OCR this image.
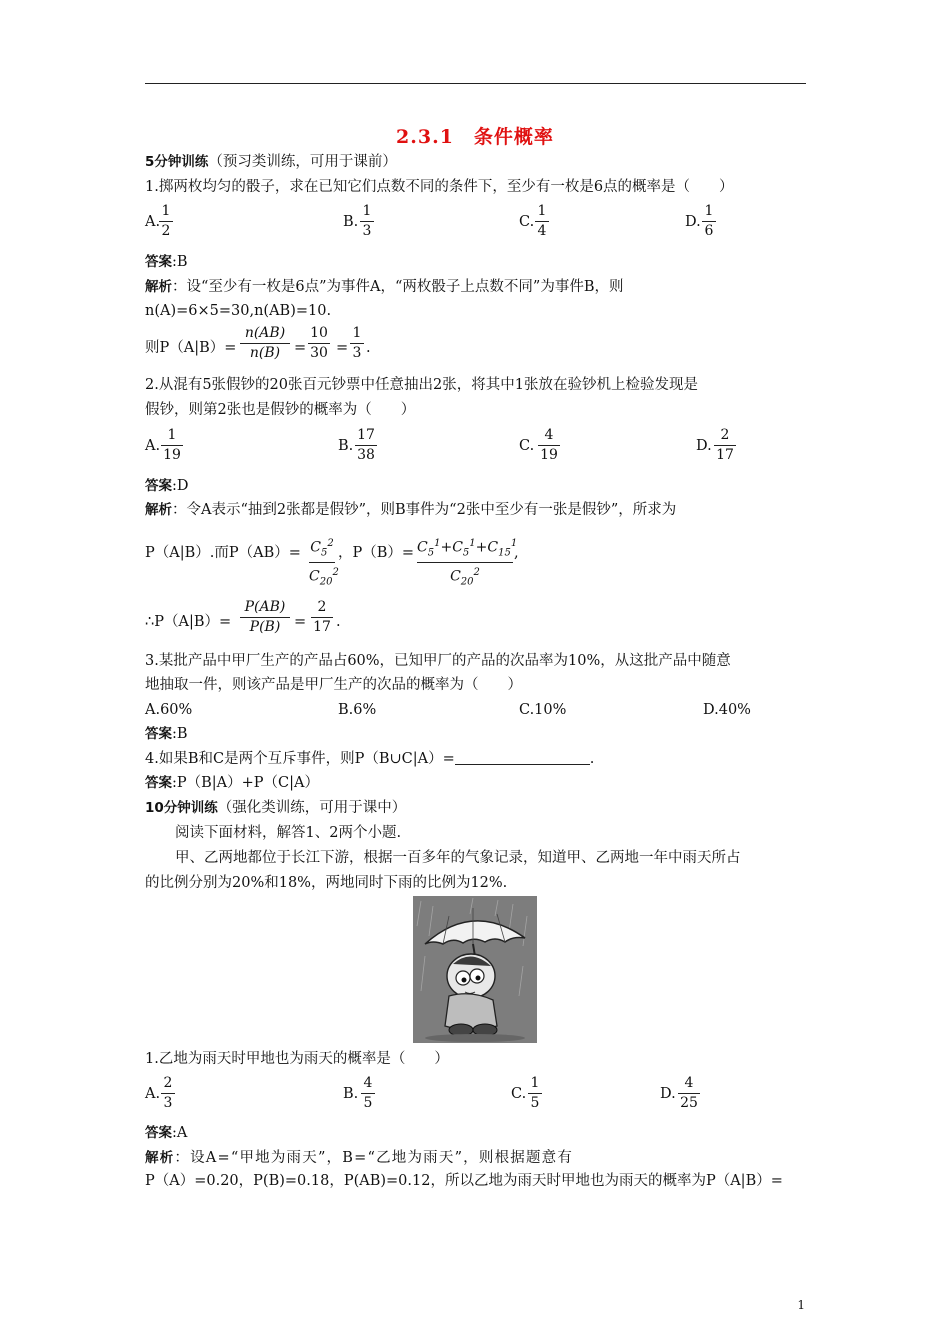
2.3.1　条件概率
5分钟训练（预习类训练，可用于课前）
1.掷两枚均匀的骰子，求在已知它们点数不同的条件下，至少有一枚是6点的概率是（　　）
A.
1
2
B.
1
3
C.
1
4
D.
1
6
答案:B
解析：设“至少有一枚是6点”为事件A，“两枚骰子上点数不同”为事件B，则
n(A)=6×5=30,n(AB)=10.
则P（A|B）=
n(AB)
n(B) =
10
30 =
1
3 .
2.从混有5张假钞的20张百元钞票中任意抽出2张，将其中1张放在验钞机上检验发现是
假钞，则第2张也是假钞的概率为（　　）
A.
1
19
B.
17
38
C.
4
19
D.
2
17
答案:D
解析：令A表示“抽到2张都是假钞”，则B事件为“2张中至少有一张是假钞”，所求为
P（A|B）.而$P(AB)= C_5^2$
$C_{20}^2$
，$P(B)= C_5^1+C_5^1+C_{15}^1$
$C_{20}^2$
,
∴P（A|B）=
P(AB)
P(B) =
2
17 .
3.某批产品中甲厂生产的产品占60%，已知甲厂的产品的次品率为10%，从这批产品中随意
地抽取一件，则该产品是甲厂生产的次品的概率为（　　）
A.60%	B.6%	C.10%	D.40%
答案:B
4.如果B和C是两个互斥事件，则P（B∪C|A）=	.
答案:P（B|A）+P（C|A）
10分钟训练（强化类训练，可用于课中）
阅读下面材料，解答1、2两个小题.
甲、乙两地都位于长江下游，根据一百多年的气象记录，知道甲、乙两地一年中雨天所占
的比例分别为20%和18%，两地同时下雨的比例为12%.
1.乙地为雨天时甲地也为雨天的概率是（　　）
A.
2
3
B.
4
5
C.
1
5
D.
4
25
答案:A
解析：设A=“甲地为雨天”，B=“乙地为雨天”，则根据题意有
P（A）=0.20，P(B)=0.18，P(AB)=0.12，所以乙地为雨天时甲地也为雨天的概率为P（A|B）=
1
